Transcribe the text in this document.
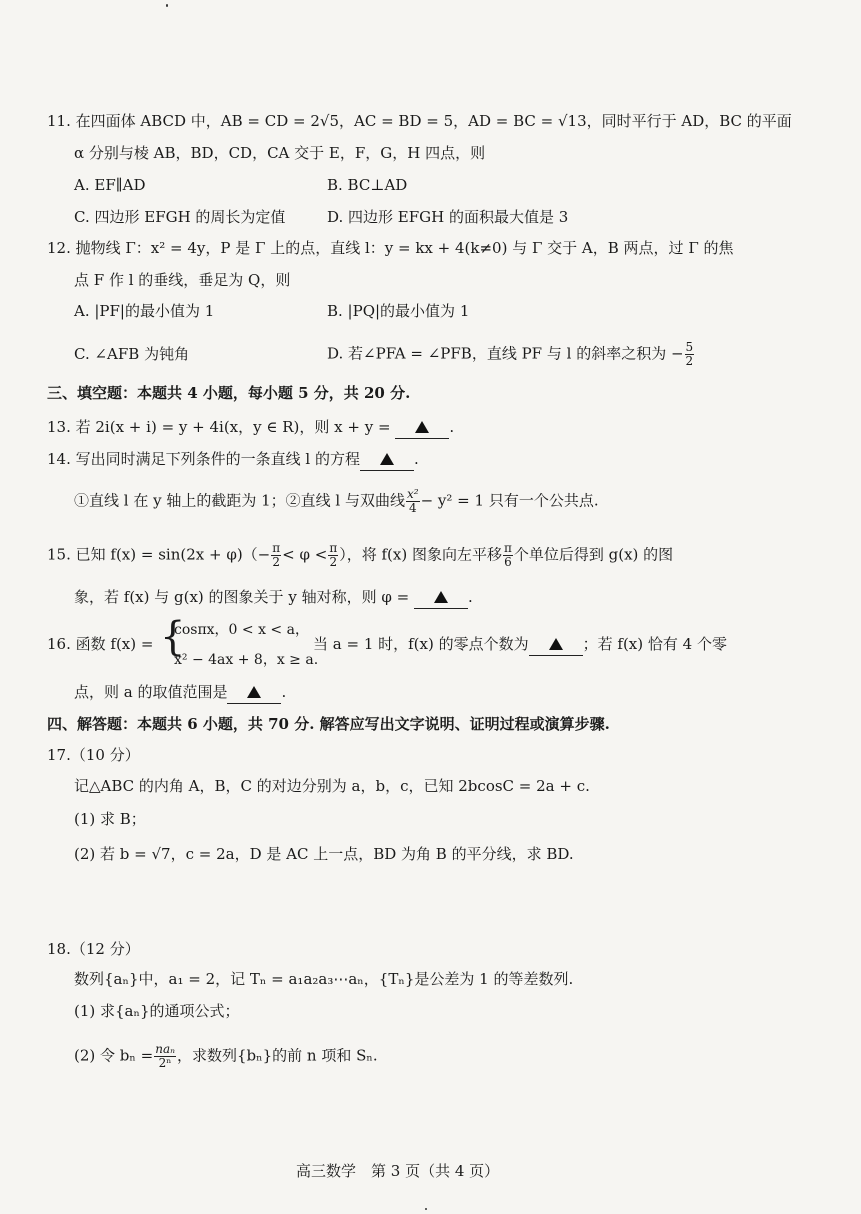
11. 在四面体 ABCD 中，AB = CD = 2√5，AC = BD = 5，AD = BC = √13，同时平行于 AD，BC 的平面
α 分别与棱 AB，BD，CD，CA 交于 E，F，G，H 四点，则
A. EF∥AD	B. BC⊥AD
C. 四边形 EFGH 的周长为定值	D. 四边形 EFGH 的面积最大值是 3
12. 抛物线 Γ：x² = 4y，P 是 Γ 上的点，直线 l：y = kx + 4(k≠0) 与 Γ 交于 A，B 两点，过 Γ 的焦
点 F 作 l 的垂线，垂足为 Q，则
A. |PF|的最小值为 1	B. |PQ|的最小值为 1
C. ∠AFB 为钝角	D. 若∠PFA = ∠PFB，直线 PF 与 l 的斜率之积为 − $\frac{5}{2}$
三、填空题：本题共 4 小题，每小题 5 分，共 20 分.
13. 若 2i(x + i) = y + 4i(x，y ∈ R)，则 x + y =	.
14. 写出同时满足下列条件的一条直线 l 的方程	.
①直线 l 在 y 轴上的截距为 1；②直线 l 与双曲线 $\frac{\text{x²}}{4} - y^2 = 1$ 只有一个公共点.
15. 已知 $f(x) = \sin(2x + \varphi)(- \frac{\pi}{2} < \varphi < \frac{\pi}{2}$ ），将 f(x) 图象向左平移 $\frac{\pi}{6}$ 个单位后得到 g(x) 的图
象，若 f(x) 与 g(x) 的图象关于 y 轴对称，则 φ =	.
16. 函数 f(x) = {
cosπx，0 < x < a，
x² − 4ax + 8，x ≥ a.
当 a = 1 时，f(x) 的零点个数为	；若 f(x) 恰有 4 个零
点，则 a 的取值范围是	.
四、解答题：本题共 6 小题，共 70 分. 解答应写出文字说明、证明过程或演算步骤.
17.（10 分）
记△ABC 的内角 A，B，C 的对边分别为 a，b，c，已知 2bcosC = 2a + c.
(1) 求 B；
(2) 若 b = √7，c = 2a，D 是 AC 上一点，BD 为角 B 的平分线，求 BD.
18.（12 分）
数列{aₙ}中，a₁ = 2，记 Tₙ = a₁a₂a₃⋯aₙ，{Tₙ}是公差为 1 的等差数列.
(1) 求{aₙ}的通项公式；
(2) 令 $b_n = \frac{\text{naₙ}}{\text{2ⁿ}}$ ，求数列{bₙ}的前 n 项和 Sₙ.
高三数学　第 3 页（共 4 页）
